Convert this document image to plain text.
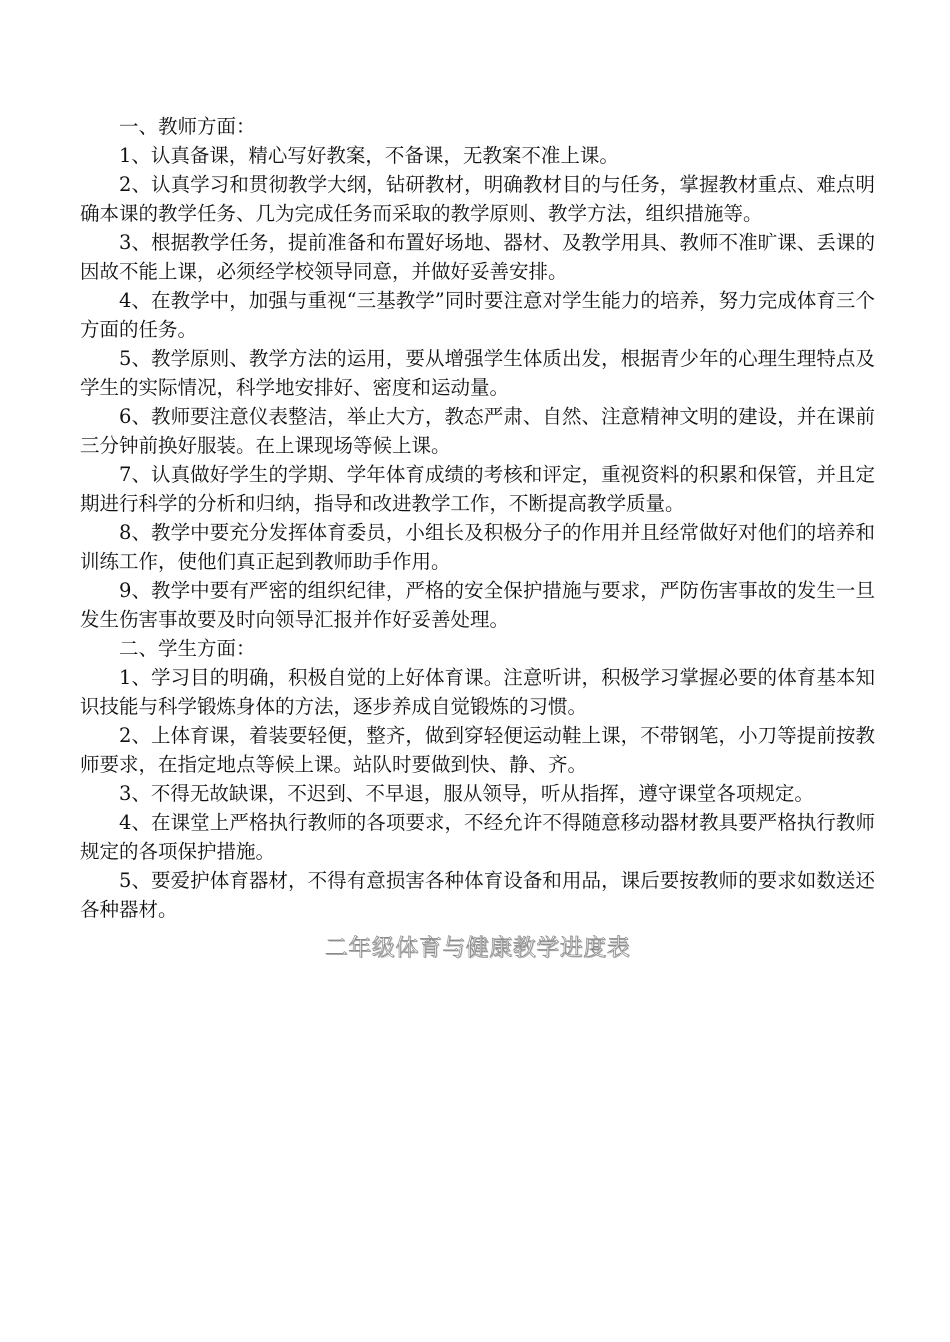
一、教师方面：

1、认真备课，精心写好教案，不备课，无教案不准上课。

2、认真学习和贯彻教学大纲，钻研教材，明确教材目的与任务，掌握教材重点、难点明确本课的教学任务、几为完成任务而采取的教学原则、教学方法，组织措施等。

3、根据教学任务，提前准备和布置好场地、器材、及教学用具、教师不准旷课、丢课的因故不能上课，必须经学校领导同意，并做好妥善安排。

4、在教学中，加强与重视“三基教学”同时要注意对学生能力的培养，努力完成体育三个方面的任务。

5、教学原则、教学方法的运用，要从增强学生体质出发，根据青少年的心理生理特点及学生的实际情况，科学地安排好、密度和运动量。

6、教师要注意仪表整洁，举止大方，教态严肃、自然、注意精神文明的建设，并在课前三分钟前换好服装。在上课现场等候上课。

7、认真做好学生的学期、学年体育成绩的考核和评定，重视资料的积累和保管，并且定期进行科学的分析和归纳，指导和改进教学工作，不断提高教学质量。

8、教学中要充分发挥体育委员，小组长及积极分子的作用并且经常做好对他们的培养和训练工作，使他们真正起到教师助手作用。

9、教学中要有严密的组织纪律，严格的安全保护措施与要求，严防伤害事故的发生一旦发生伤害事故要及时向领导汇报并作好妥善处理。

二、学生方面：

1、学习目的明确，积极自觉的上好体育课。注意听讲，积极学习掌握必要的体育基本知识技能与科学锻炼身体的方法，逐步养成自觉锻炼的习惯。

2、上体育课，着装要轻便，整齐，做到穿轻便运动鞋上课，不带钢笔，小刀等提前按教师要求，在指定地点等候上课。站队时要做到快、静、齐。

3、不得无故缺课，不迟到、不早退，服从领导，听从指挥，遵守课堂各项规定。

4、在课堂上严格执行教师的各项要求，不经允许不得随意移动器材教具要严格执行教师规定的各项保护措施。

5、要爱护体育器材，不得有意损害各种体育设备和用品，课后要按教师的要求如数送还各种器材。

二年级体育与健康教学进度表
